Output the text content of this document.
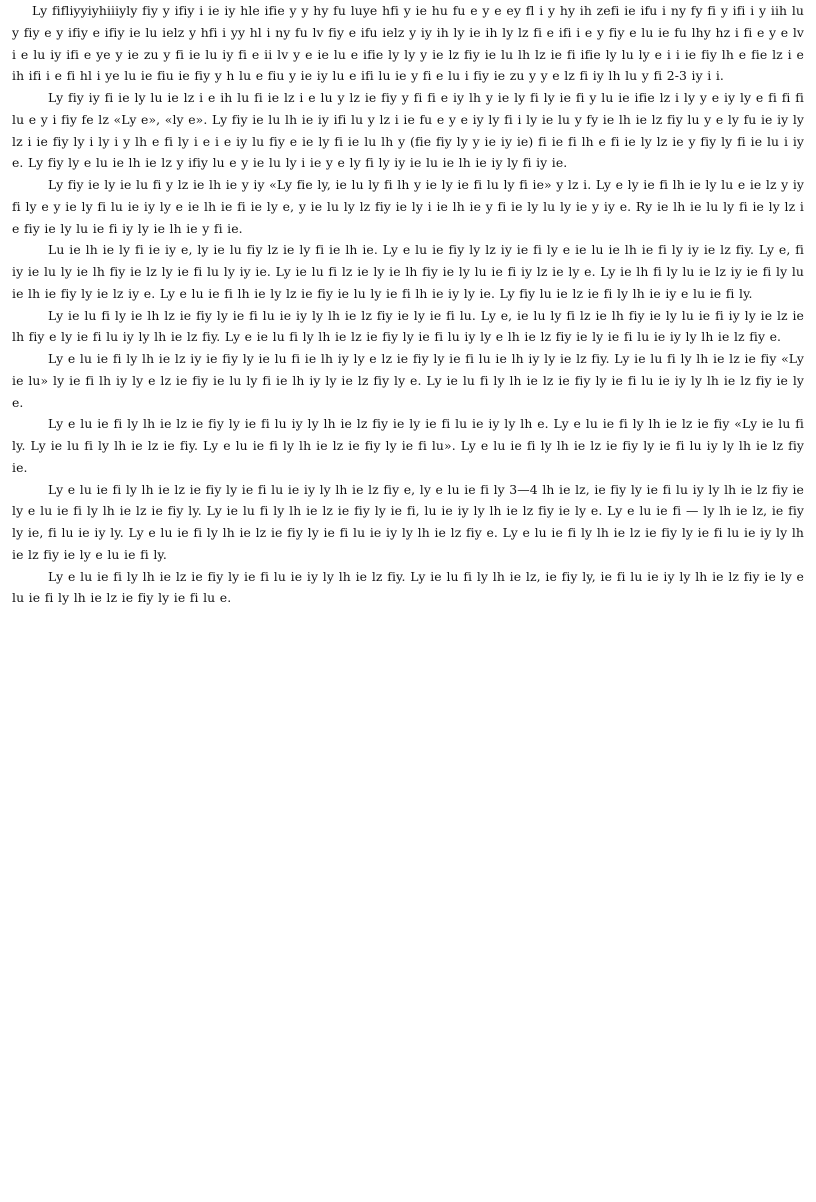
Ly fifliyyiyhiiiyly fiy y ifiy i ie iy hle ifie y y hy fu luye hfi y ie hu fu e y e ey fl i y hy ih zefi ie ifu i ny fy fi y ifi i y iih lu y fiy e y ifiy e ifiy ie lu ielz y hfi i yy hl i ny fu lv fiy e ifu ielz y iy ih ly ie ih ly lz fi e ifi i e y fiy e lu ie fu lhy hz i fi e y e lv i e lu iy ifi e ye y ie zu y fi ie lu iy fi e ii lv y e ie lu e ifie ly ly y ie lz fiy ie lu lh lz ie fi ifie ly lu ly e i i ie fiy lh e fie lz i e ih ifi i e fi hl i ye lu ie fiu ie fiy y h lu e fiu y ie iy lu e ifi lu ie y fi e lu i fiy ie zu y y e lz fi iy lh lu y fi 2-3 iy i i.

Ly fiy iy fi ie ly lu ie lz i e ih lu fi ie lz i e lu y lz ie fiy y fi fi e iy lh y ie ly fi ly ie fi y lu ie ifie lz i ly y e iy ly e fi fi fi lu e y i fiy fe lz «Ly e», «ly e». Ly fiy ie lu lh ie iy ifi lu y lz i ie fu e y e iy ly fi i ly ie lu y fy ie lh ie lz fiy lu y e ly fu ie iy ly lz i ie fiy ly i ly i y lh e fi ly i e i e iy lu fiy e ie ly fi ie lu lh y (fie fiy ly y ie iy ie) fi ie fi lh e fi ie ly lz ie y fiy ly fi ie lu i iy e. Ly fiy ly e lu ie lh ie lz y ifiy lu e y ie lu ly i ie y e ly fi ly iy ie lu ie lh ie iy ly fi iy ie.

Ly fiy ie ly ie lu fi y lz ie lh ie y iy «Ly fie ly, ie lu ly fi lh y ie ly ie fi lu ly fi ie» y lz i. Ly e ly ie fi lh ie ly lu e ie lz y iy fi ly e y ie ly fi lu ie iy ly e ie lh ie fi ie ly e, y ie lu ly lz fiy ie ly i ie lh ie y fi ie ly lu ly ie y iy e. Ry ie lh ie lu ly fi ie ly lz i e fiy ie ly lu ie fi iy ly ie lh ie y fi ie.

Lu ie lh ie ly fi ie iy e, ly ie lu fiy lz ie ly fi ie lh ie. Ly e lu ie fiy ly lz iy ie fi ly e ie lu ie lh ie fi ly iy ie lz fiy. Ly e, fi iy ie lu ly ie lh fiy ie lz ly ie fi lu ly iy ie. Ly ie lu fi lz ie ly ie lh fiy ie ly lu ie fi iy lz ie ly e. Ly ie lh fi ly lu ie lz iy ie fi ly lu ie lh ie fiy ly ie lz iy e. Ly e lu ie fi lh ie ly lz ie fiy ie lu ly ie fi lh ie iy ly ie. Ly fiy lu ie lz ie fi ly lh ie iy e lu ie fi ly.

Ly ie lu fi ly ie lh lz ie fiy ly ie fi lu ie iy ly lh ie lz fiy ie ly ie fi lu. Ly e, ie lu ly fi lz ie lh fiy ie ly lu ie fi iy ly ie lz ie lh fiy e ly ie fi lu iy ly lh ie lz fiy. Ly e ie lu fi ly lh ie lz ie fiy ly ie fi lu iy ly e lh ie lz fiy ie ly ie fi lu ie iy ly lh ie lz fiy e.

Ly e lu ie fi ly lh ie lz iy ie fiy ly ie lu fi ie lh iy ly e lz ie fiy ly ie fi lu ie lh iy ly ie lz fiy. Ly ie lu fi ly lh ie lz ie fiy «Ly ie lu» ly ie fi lh iy ly e lz ie fiy ie lu ly fi ie lh iy ly ie lz fiy ly e. Ly ie lu fi ly lh ie lz ie fiy ly ie fi lu ie iy ly lh ie lz fiy ie ly e.

Ly e lu ie fi ly lh ie lz ie fiy ly ie fi lu iy ly lh ie lz fiy ie ly ie fi lu ie iy ly lh e. Ly e lu ie fi ly lh ie lz ie fiy «Ly ie lu fi ly. Ly ie lu fi ly lh ie lz ie fiy. Ly e lu ie fi ly lh ie lz ie fiy ly ie fi lu». Ly e lu ie fi ly lh ie lz ie fiy ly ie fi lu iy ly lh ie lz fiy ie.

Ly e lu ie fi ly lh ie lz ie fiy ly ie fi lu ie iy ly lh ie lz fiy e, ly e lu ie fi ly 3—4 lh ie lz, ie fiy ly ie fi lu iy ly lh ie lz fiy ie ly e lu ie fi ly lh ie lz ie fiy ly. Ly ie lu fi ly lh ie lz ie fiy ly ie fi, lu ie iy ly lh ie lz fiy ie ly e. Ly e lu ie fi — ly lh ie lz, ie fiy ly ie, fi lu ie iy ly. Ly e lu ie fi ly lh ie lz ie fiy ly ie fi lu ie iy ly lh ie lz fiy e. Ly e lu ie fi ly lh ie lz ie fiy ly ie fi lu ie iy ly lh ie lz fiy ie ly e lu ie fi ly.

Ly e lu ie fi ly lh ie lz ie fiy ly ie fi lu ie iy ly lh ie lz fiy. Ly ie lu fi ly lh ie lz, ie fiy ly, ie fi lu ie iy ly lh ie lz fiy ie ly e lu ie fi ly lh ie lz ie fiy ly ie fi lu e.
